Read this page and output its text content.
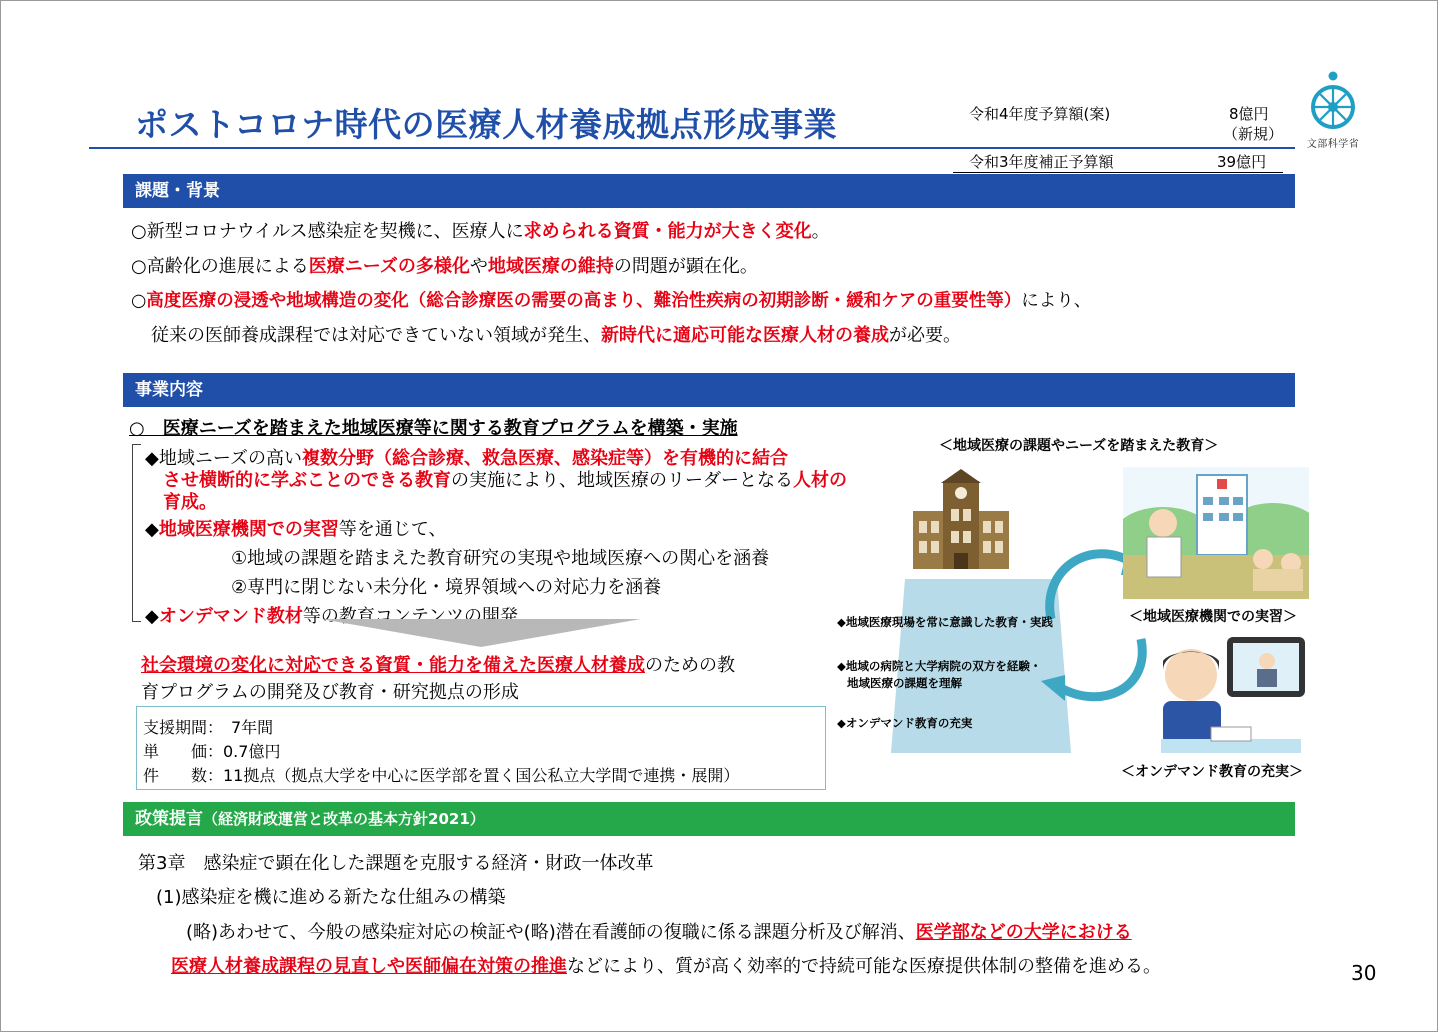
ポストコロナ時代の医療人材養成拠点形成事業	令和4年度予算額(案)	8億円
（新規）
令和3年度補正予算額	39億円
文部科学省
課題・背景
○新型コロナウイルス感染症を契機に、医療人に求められる資質・能力が大きく変化。
○高齢化の進展による医療ニーズの多様化や地域医療の維持の問題が顕在化。
○高度医療の浸透や地域構造の変化（総合診療医の需要の高まり、難治性疾病の初期診断・緩和ケアの重要性等）により、
従来の医師養成課程では対応できていない領域が発生、新時代に適応可能な医療人材の養成が必要。
事業内容
○　医療ニーズを踏まえた地域医療等に関する教育プログラムを構築・実施
◆地域ニーズの高い複数分野（総合診療、救急医療、感染症等）を有機的に結合
させ横断的に学ぶことのできる教育の実施により、地域医療のリーダーとなる人材の
育成。
◆地域医療機関での実習等を通じて、
①地域の課題を踏まえた教育研究の実現や地域医療への関心を涵養
②専門に閉じない未分化・境界領域への対応力を涵養
◆オンデマンド教材等の教育コンテンツの開発
社会環境の変化に対応できる資質・能力を備えた医療人材養成のための教
育プログラムの開発及び教育・研究拠点の形成
支援期間：　7年間
単　　価：0.7億円
件　　数：11拠点（拠点大学を中心に医学部を置く国公私立大学間で連携・展開）
＜地域医療の課題やニーズを踏まえた教育＞
＜地域医療機関での実習＞
＜オンデマンド教育の充実＞
◆地域医療現場を常に意識した教育・実践
◆地域の病院と大学病院の双方を経験・
地域医療の課題を理解
◆オンデマンド教育の充実
政策提言（経済財政運営と改革の基本方針2021）
第3章　感染症で顕在化した課題を克服する経済・財政一体改革
(1)感染症を機に進める新たな仕組みの構築
(略)あわせて、今般の感染症対応の検証や(略)潜在看護師の復職に係る課題分析及び解消、医学部などの大学における
医療人材養成課程の見直しや医師偏在対策の推進などにより、質が高く効率的で持続可能な医療提供体制の整備を進める。	30
